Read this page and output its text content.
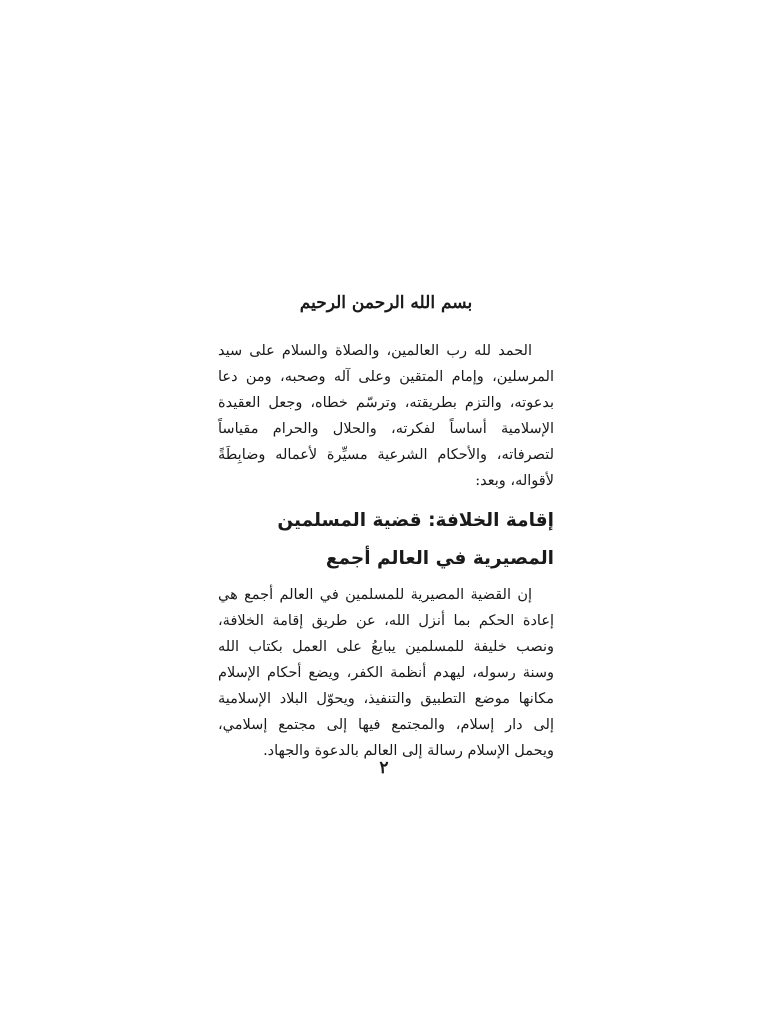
بسم الله الرحمن الرحيم

الحمد لله رب العالمين، والصلاة والسلام على سيد المرسلين، وإمام المتقين وعلى آله وصحبه، ومن دعا بدعوته، والتزم بطريقته، وترسّم خطاه، وجعل العقيدة الإسلامية أساساً لفكرته، والحلال والحرام مقياساً لتصرفاته، والأحكام الشرعية مسيِّرة لأعماله وضابِطَةً لأقواله، وبعد:

إقامة الخلافة: قضية المسلمين المصيرية في العالم أجمع

إن القضية المصيرية للمسلمين في العالم أجمع هي إعادة الحكم بما أنزل الله، عن طريق إقامة الخلافة، ونصب خليفة للمسلمين يبايعُ على العمل بكتاب الله وسنة رسوله، ليهدم أنظمة الكفر، ويضع أحكام الإسلام مكانها موضع التطبيق والتنفيذ، ويحوّل البلاد الإسلامية إلى دار إسلام، والمجتمع فيها إلى مجتمع إسلامي، ويحمل الإسلام رسالة إلى العالم بالدعوة والجهاد.

٢
